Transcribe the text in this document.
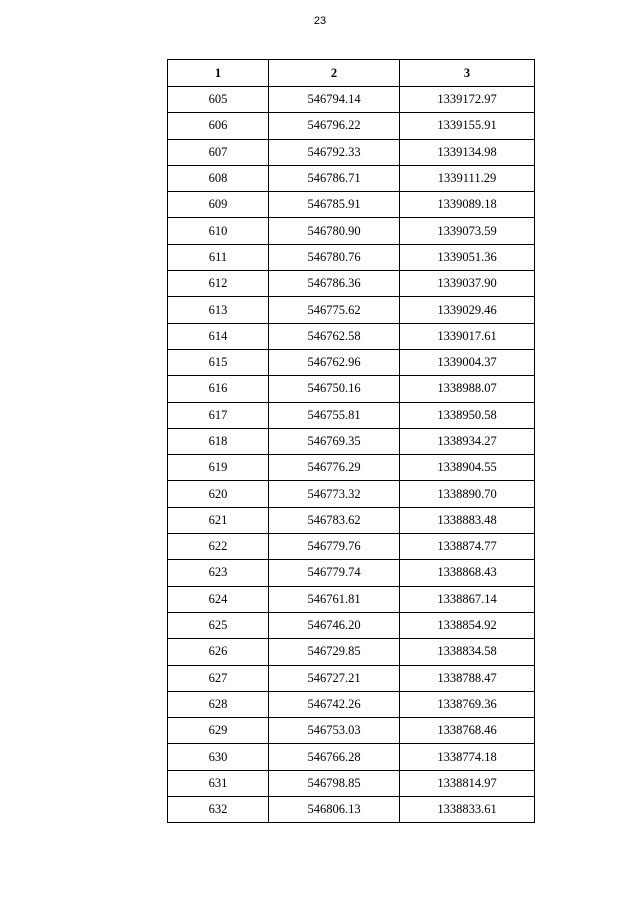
23
1	2	3
605	546794.14	1339172.97
606	546796.22	1339155.91
607	546792.33	1339134.98
608	546786.71	1339111.29
609	546785.91	1339089.18
610	546780.90	1339073.59
611	546780.76	1339051.36
612	546786.36	1339037.90
613	546775.62	1339029.46
614	546762.58	1339017.61
615	546762.96	1339004.37
616	546750.16	1338988.07
617	546755.81	1338950.58
618	546769.35	1338934.27
619	546776.29	1338904.55
620	546773.32	1338890.70
621	546783.62	1338883.48
622	546779.76	1338874.77
623	546779.74	1338868.43
624	546761.81	1338867.14
625	546746.20	1338854.92
626	546729.85	1338834.58
627	546727.21	1338788.47
628	546742.26	1338769.36
629	546753.03	1338768.46
630	546766.28	1338774.18
631	546798.85	1338814.97
632	546806.13	1338833.61
